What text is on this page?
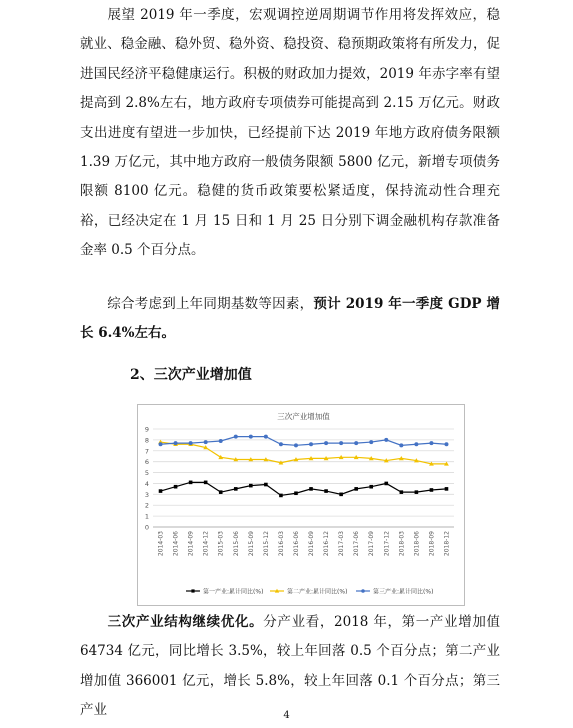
展望 2019 年一季度，宏观调控逆周期调节作用将发挥效应，稳就业、稳金融、稳外贸、稳外资、稳投资、稳预期政策将有所发力，促进国民经济平稳健康运行。积极的财政加力提效，2019 年赤字率有望提高到 2.8%左右，地方政府专项债券可能提高到 2.15 万亿元。财政支出进度有望进一步加快，已经提前下达 2019 年地方政府债务限额 1.39 万亿元，其中地方政府一般债务限额 5800 亿元，新增专项债务限额 8100 亿元。稳健的货币政策要松紧适度，保持流动性合理充裕，已经决定在 1 月 15 日和 1 月 25 日分别下调金融机构存款准备金率 0.5 个百分点。

综合考虑到上年同期基数等因素，预计 2019 年一季度 GDP 增长 6.4%左右。

2、三次产业增加值

三次产业增加值
0
1
2
3
4
5
6
7
8
9
2014-03 2014-06 2014-09 2014-12 2015-03 2015-06 2015-09 2015-12 2016-03 2016-06 2016-09 2016-12 2017-03 2017-06 2017-09 2017-12 2018-03 2018-06 2018-09 2018-12
第一产业:累计同比(%)	第二产业:累计同比(%)	第三产业:累计同比(%)

三次产业结构继续优化。分产业看，2018 年，第一产业增加值 64734 亿元，同比增长 3.5%，较上年回落 0.5 个百分点；第二产业增加值 366001 亿元，增长 5.8%，较上年回落 0.1 个百分点；第三产业	4
